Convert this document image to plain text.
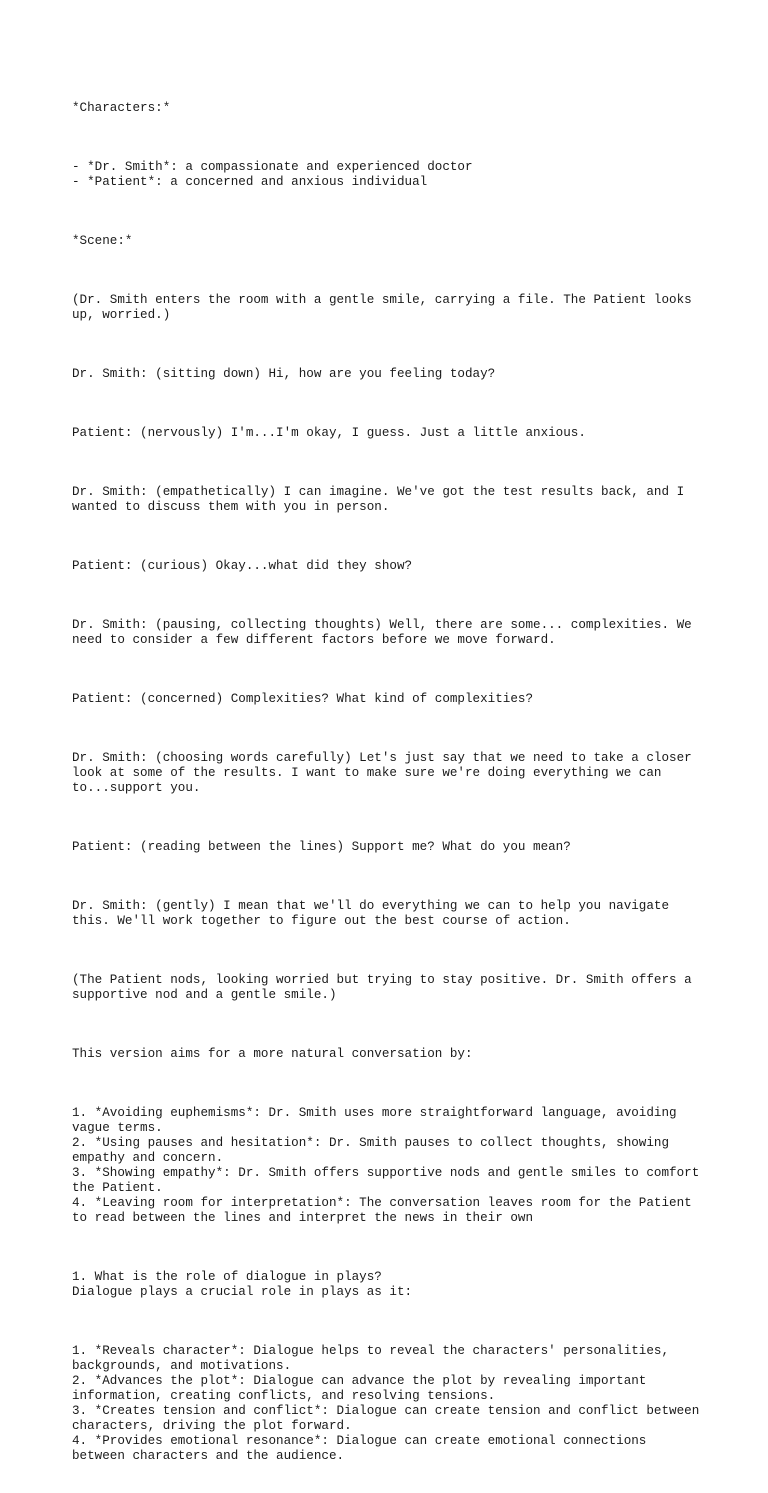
*Characters:*

- *Dr. Smith*: a compassionate and experienced doctor
- *Patient*: a concerned and anxious individual

*Scene:*

(Dr. Smith enters the room with a gentle smile, carrying a file. The Patient looks
up, worried.)

Dr. Smith: (sitting down) Hi, how are you feeling today?

Patient: (nervously) I'm...I'm okay, I guess. Just a little anxious.

Dr. Smith: (empathetically) I can imagine. We've got the test results back, and I
wanted to discuss them with you in person.

Patient: (curious) Okay...what did they show?

Dr. Smith: (pausing, collecting thoughts) Well, there are some... complexities. We
need to consider a few different factors before we move forward.

Patient: (concerned) Complexities? What kind of complexities?

Dr. Smith: (choosing words carefully) Let's just say that we need to take a closer
look at some of the results. I want to make sure we're doing everything we can
to...support you.

Patient: (reading between the lines) Support me? What do you mean?

Dr. Smith: (gently) I mean that we'll do everything we can to help you navigate
this. We'll work together to figure out the best course of action.

(The Patient nods, looking worried but trying to stay positive. Dr. Smith offers a
supportive nod and a gentle smile.)

This version aims for a more natural conversation by:

1. *Avoiding euphemisms*: Dr. Smith uses more straightforward language, avoiding
vague terms.
2. *Using pauses and hesitation*: Dr. Smith pauses to collect thoughts, showing
empathy and concern.
3. *Showing empathy*: Dr. Smith offers supportive nods and gentle smiles to comfort
the Patient.
4. *Leaving room for interpretation*: The conversation leaves room for the Patient
to read between the lines and interpret the news in their own

1. What is the role of dialogue in plays?
Dialogue plays a crucial role in plays as it:

1. *Reveals character*: Dialogue helps to reveal the characters' personalities,
backgrounds, and motivations.
2. *Advances the plot*: Dialogue can advance the plot by revealing important
information, creating conflicts, and resolving tensions.
3. *Creates tension and conflict*: Dialogue can create tension and conflict between
characters, driving the plot forward.
4. *Provides emotional resonance*: Dialogue can create emotional connections
between characters and the audience.
